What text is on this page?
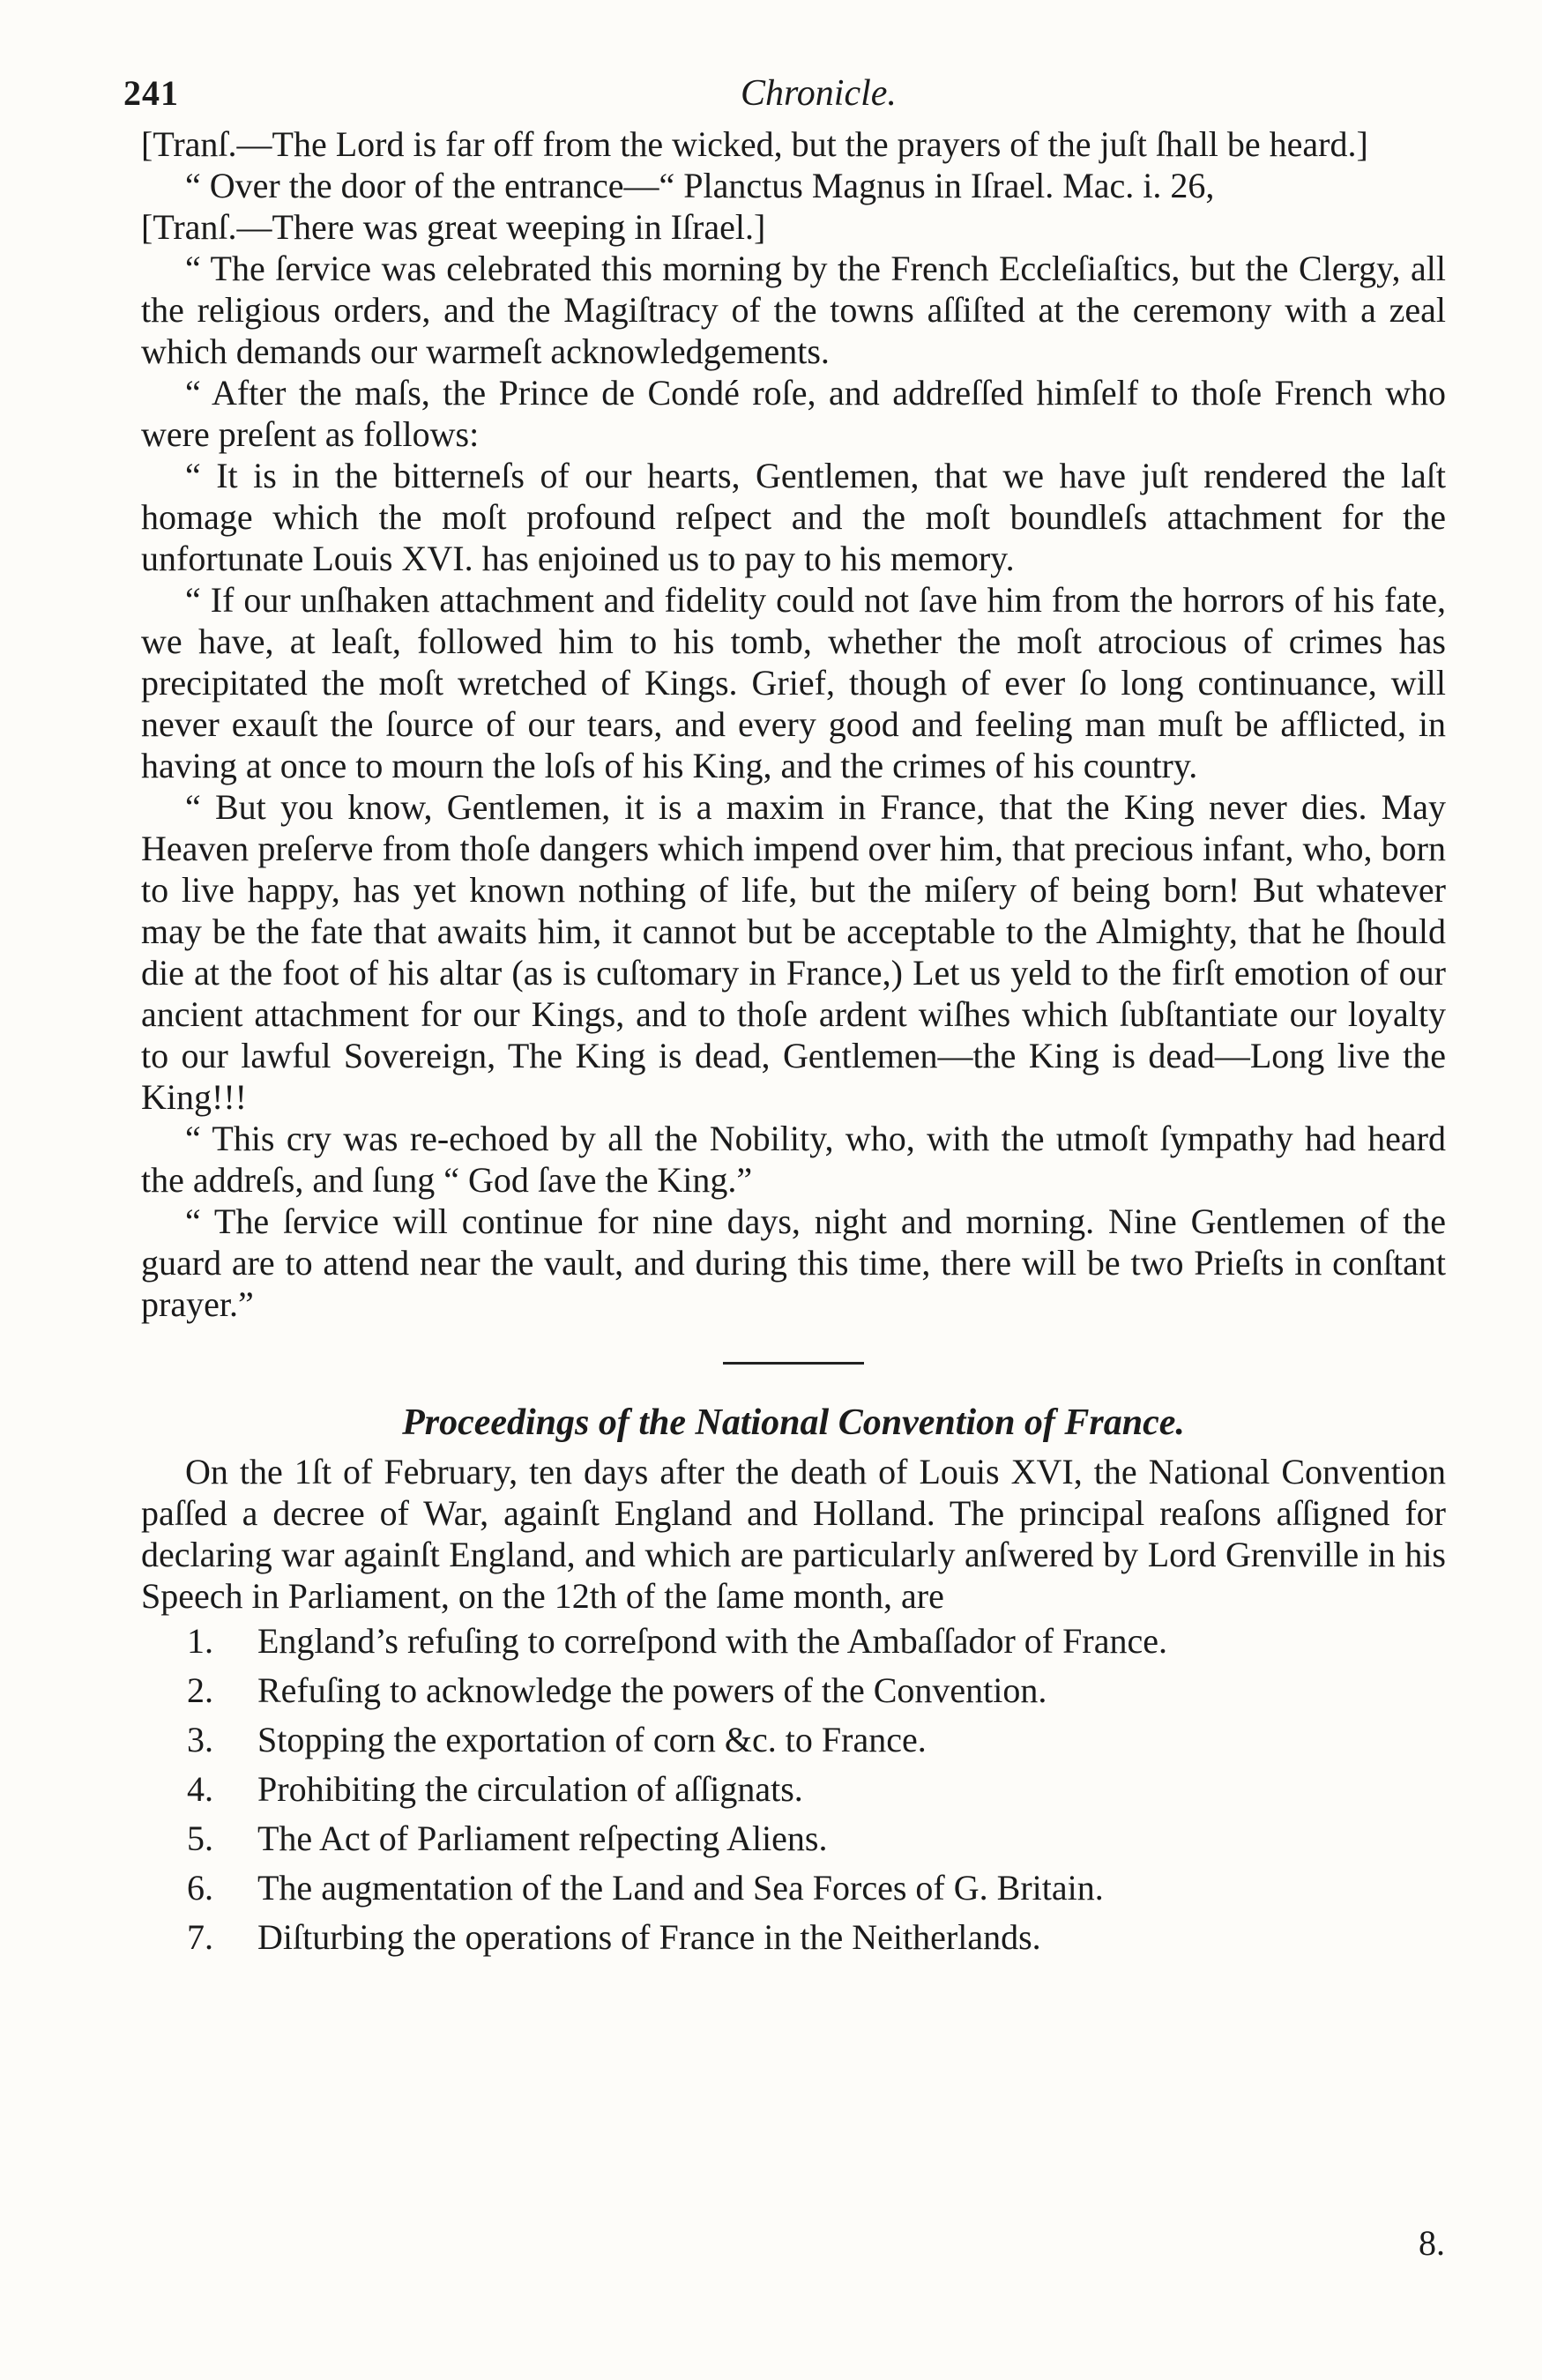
241	Chronicle.

[Tranſ.—The Lord is far off from the wicked, but the prayers of the juſt ſhall be heard.]

“ Over the door of the entrance—“ Planctus Magnus in Iſrael. Mac. i. 26,

[Tranſ.—There was great weeping in Iſrael.]

“ The ſervice was celebrated this morning by the French Eccleſiaſtics, but the Clergy, all the religious orders, and the Magiſtracy of the towns aſſiſted at the ceremony with a zeal which demands our warmeſt acknowledgements.

“ After the maſs, the Prince de Condé roſe, and addreſſed himſelf to thoſe French who were preſent as follows:

“ It is in the bitterneſs of our hearts, Gentlemen, that we have juſt rendered the laſt homage which the moſt profound reſpect and the moſt boundleſs attachment for the unfortunate Louis XVI. has enjoined us to pay to his memory.

“ If our unſhaken attachment and fidelity could not ſave him from the horrors of his fate, we have, at leaſt, followed him to his tomb, whether the moſt atrocious of crimes has precipitated the moſt wretched of Kings. Grief, though of ever ſo long continuance, will never exauſt the ſource of our tears, and every good and feeling man muſt be afflicted, in having at once to mourn the loſs of his King, and the crimes of his country.

“ But you know, Gentlemen, it is a maxim in France, that the King never dies. May Heaven preſerve from thoſe dangers which impend over him, that precious infant, who, born to live happy, has yet known nothing of life, but the miſery of being born! But whatever may be the fate that awaits him, it cannot but be acceptable to the Almighty, that he ſhould die at the foot of his altar (as is cuſtomary in France,) Let us yeld to the firſt emotion of our ancient attachment for our Kings, and to thoſe ardent wiſhes which ſubſtantiate our loyalty to our lawful Sovereign, The King is dead, Gentlemen—the King is dead—Long live the King!!!

“ This cry was re-echoed by all the Nobility, who, with the utmoſt ſympathy had heard the addreſs, and ſung “ God ſave the King.”

“ The ſervice will continue for nine days, night and morning. Nine Gentlemen of the guard are to attend near the vault, and during this time, there will be two Prieſts in conſtant prayer.”

Proceedings of the National Convention of France.

On the 1ſt of February, ten days after the death of Louis XVI, the National Convention paſſed a decree of War, againſt England and Holland. The principal reaſons aſſigned for declaring war againſt England, and which are particularly anſwered by Lord Grenville in his Speech in Parliament, on the 12th of the ſame month, are

1.	England’s refuſing to correſpond with the Ambaſſador of France.
2.	Refuſing to acknowledge the powers of the Convention.
3.	Stopping the exportation of corn &c. to France.
4.	Prohibiting the circulation of aſſignats.
5.	The Act of Parliament reſpecting Aliens.
6.	The augmentation of the Land and Sea Forces of G. Britain.
7.	Diſturbing the operations of France in the Neitherlands.
8.
